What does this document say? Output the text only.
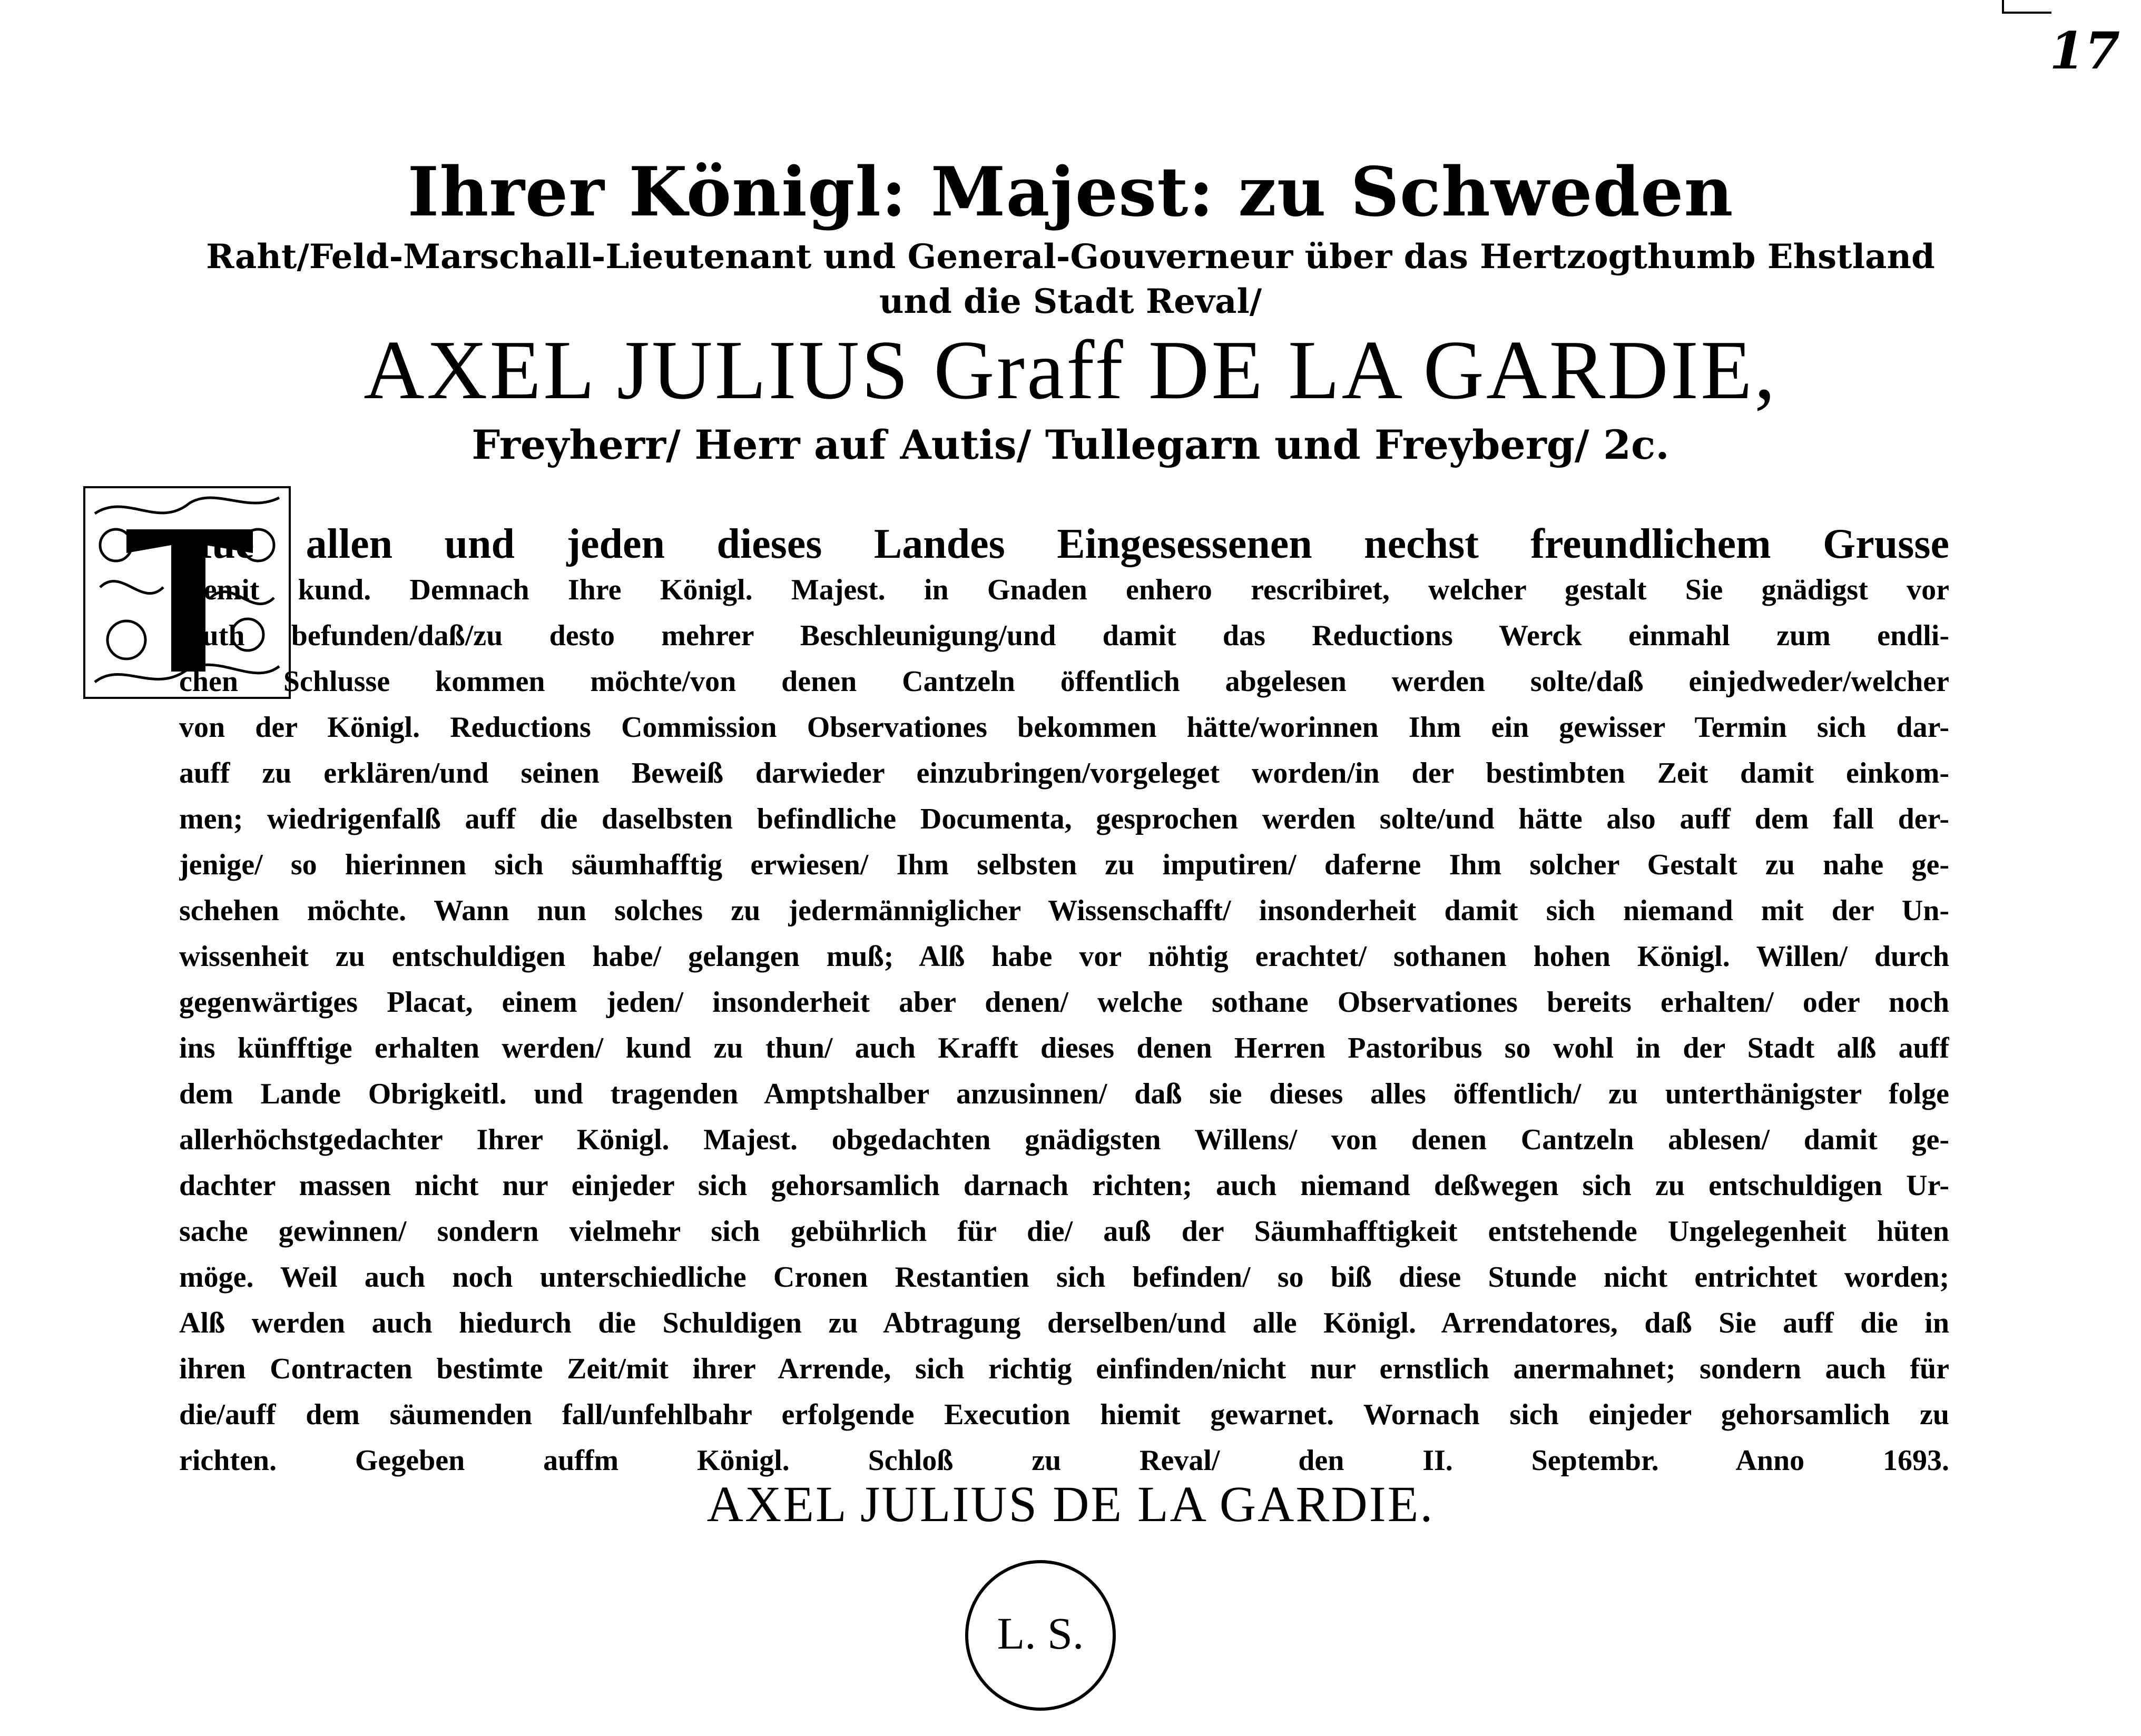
17
Ihrer Königl: Majest: zu Schweden
Raht/Feld-Marschall-Lieutenant und General-Gouverneur über das Hertzogthumb Ehstland
und die Stadt Reval/
AXEL JULIUS Graff DE LA GARDIE,
Freyherr/ Herr auf Autis/ Tullegarn und Freyberg/ 2c.
Hue allen und jeden dieses Landes Eingesessenen nechst freundlichem Grusse
hiemit kund. Demnach Ihre Königl. Majest. in Gnaden enhero rescribiret, welcher gestalt Sie gnädigst vor
Guth befunden/daß/zu desto mehrer Beschleunigung/und damit das Reductions Werck einmahl zum endli-
chen Schlusse kommen möchte/von denen Cantzeln öffentlich abgelesen werden solte/daß einjedweder/welcher
von der Königl. Reductions Commission Observationes bekommen hätte/worinnen Ihm ein gewisser Termin sich dar-
auff zu erklären/und seinen Beweiß darwieder einzubringen/vorgeleget worden/in der bestimbten Zeit damit einkom-
men; wiedrigenfalß auff die daselbsten befindliche Documenta, gesprochen werden solte/und hätte also auff dem fall der-
jenige/ so hierinnen sich säumhafftig erwiesen/ Ihm selbsten zu imputiren/ daferne Ihm solcher Gestalt zu nahe ge-
schehen möchte. Wann nun solches zu jedermänniglicher Wissenschafft/ insonderheit damit sich niemand mit der Un-
wissenheit zu entschuldigen habe/ gelangen muß; Alß habe vor nöhtig erachtet/ sothanen hohen Königl. Willen/ durch
gegenwärtiges Placat, einem jeden/ insonderheit aber denen/ welche sothane Observationes bereits erhalten/ oder noch
ins künfftige erhalten werden/ kund zu thun/ auch Krafft dieses denen Herren Pastoribus so wohl in der Stadt alß auff
dem Lande Obrigkeitl. und tragenden Amptshalber anzusinnen/ daß sie dieses alles öffentlich/ zu unterthänigster folge
allerhöchstgedachter Ihrer Königl. Majest. obgedachten gnädigsten Willens/ von denen Cantzeln ablesen/ damit ge-
dachter massen nicht nur einjeder sich gehorsamlich darnach richten; auch niemand deßwegen sich zu entschuldigen Ur-
sache gewinnen/ sondern vielmehr sich gebührlich für die/ auß der Säumhafftigkeit entstehende Ungelegenheit hüten
möge. Weil auch noch unterschiedliche Cronen Restantien sich befinden/ so biß diese Stunde nicht entrichtet worden;
Alß werden auch hiedurch die Schuldigen zu Abtragung derselben/und alle Königl. Arrendatores, daß Sie auff die in
ihren Contracten bestimte Zeit/mit ihrer Arrende, sich richtig einfinden/nicht nur ernstlich anermahnet; sondern auch für
die/auff dem säumenden fall/unfehlbahr erfolgende Execution hiemit gewarnet. Wornach sich einjeder gehorsamlich zu
richten. Gegeben auffm Königl. Schloß zu Reval/ den II. Septembr. Anno 1693.
AXEL JULIUS DE LA GARDIE.
L. S.
